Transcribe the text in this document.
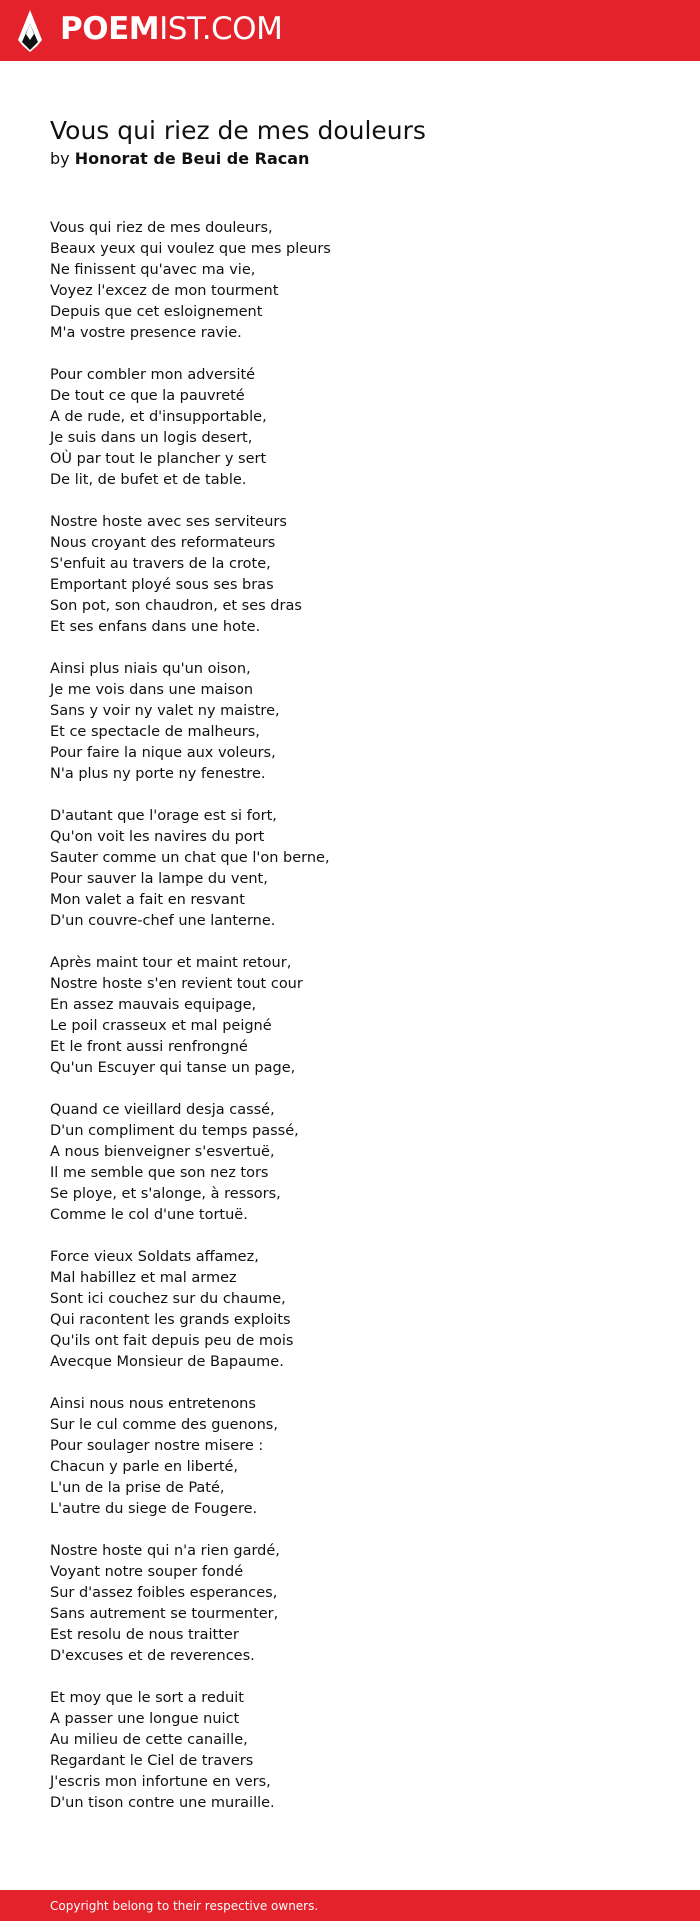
POEMIST.COM
Vous qui riez de mes douleurs
by Honorat de Beui de Racan
Vous qui riez de mes douleurs,
Beaux yeux qui voulez que mes pleurs
Ne finissent qu'avec ma vie,
Voyez l'excez de mon tourment
Depuis que cet esloignement
M'a vostre presence ravie.
Pour combler mon adversité
De tout ce que la pauvreté
A de rude, et d'insupportable,
Je suis dans un logis desert,
OÙ par tout le plancher y sert
De lit, de bufet et de table.
Nostre hoste avec ses serviteurs
Nous croyant des reformateurs
S'enfuit au travers de la crote,
Emportant ployé sous ses bras
Son pot, son chaudron, et ses dras
Et ses enfans dans une hote.
Ainsi plus niais qu'un oison,
Je me vois dans une maison
Sans y voir ny valet ny maistre,
Et ce spectacle de malheurs,
Pour faire la nique aux voleurs,
N'a plus ny porte ny fenestre.
D'autant que l'orage est si fort,
Qu'on voit les navires du port
Sauter comme un chat que l'on berne,
Pour sauver la lampe du vent,
Mon valet a fait en resvant
D'un couvre-chef une lanterne.
Après maint tour et maint retour,
Nostre hoste s'en revient tout cour
En assez mauvais equipage,
Le poil crasseux et mal peigné
Et le front aussi renfrongné
Qu'un Escuyer qui tanse un page,
Quand ce vieillard desja cassé,
D'un compliment du temps passé,
A nous bienveigner s'esvertuë,
Il me semble que son nez tors
Se ploye, et s'alonge, à ressors,
Comme le col d'une tortuë.
Force vieux Soldats affamez,
Mal habillez et mal armez
Sont ici couchez sur du chaume,
Qui racontent les grands exploits
Qu'ils ont fait depuis peu de mois
Avecque Monsieur de Bapaume.
Ainsi nous nous entretenons
Sur le cul comme des guenons,
Pour soulager nostre misere :
Chacun y parle en liberté,
L'un de la prise de Paté,
L'autre du siege de Fougere.
Nostre hoste qui n'a rien gardé,
Voyant notre souper fondé
Sur d'assez foibles esperances,
Sans autrement se tourmenter,
Est resolu de nous traitter
D'excuses et de reverences.
Et moy que le sort a reduit
A passer une longue nuict
Au milieu de cette canaille,
Regardant le Ciel de travers
J'escris mon infortune en vers,
D'un tison contre une muraille.
Copyright belong to their respective owners.
